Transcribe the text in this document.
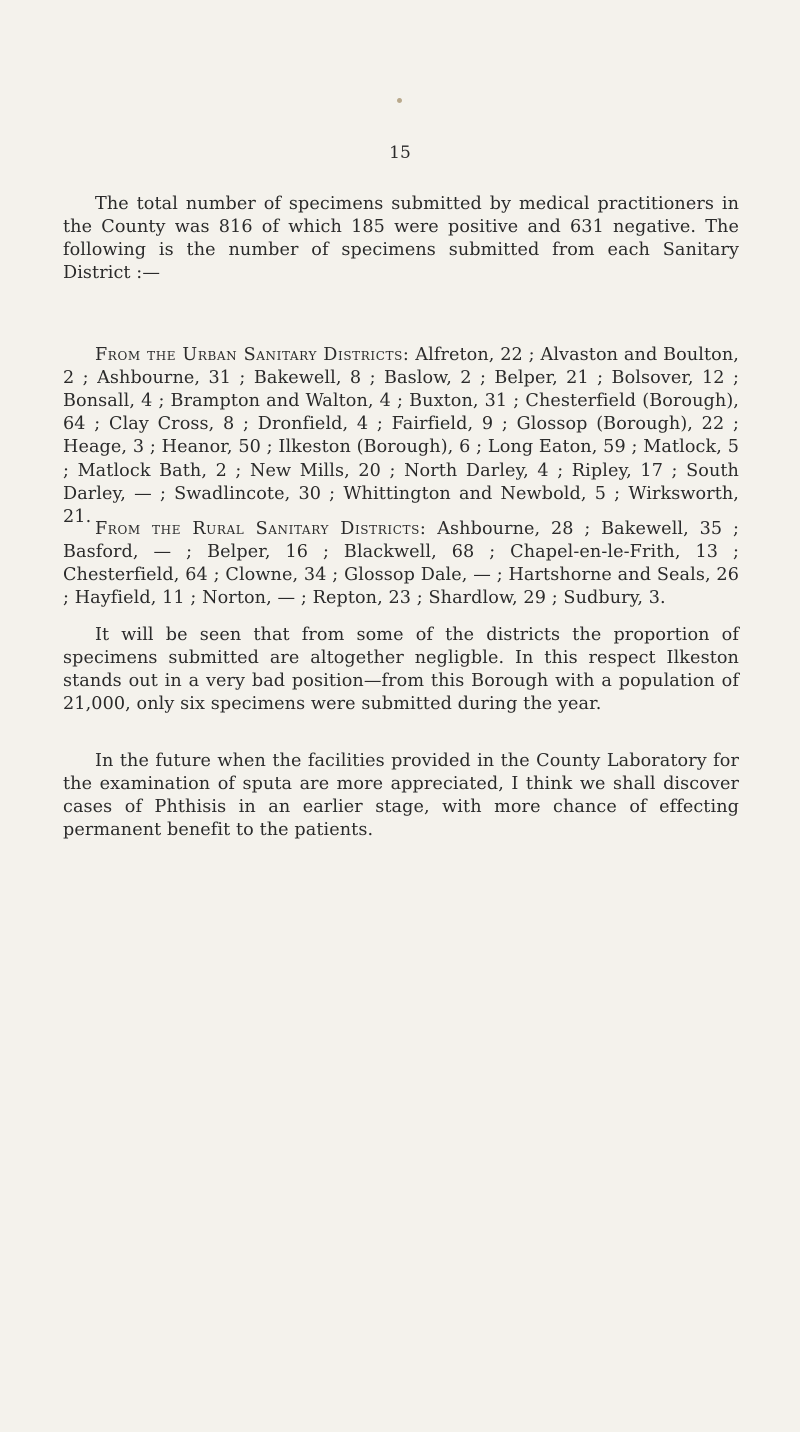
15

The total number of specimens submitted by medical practitioners in the County was 816 of which 185 were positive and 631 negative. The following is the number of specimens submitted from each Sanitary District :—

From the Urban Sanitary Districts: Alfreton, 22 ; Alvaston and Boulton, 2 ; Ashbourne, 31 ; Bakewell, 8 ; Baslow, 2 ; Belper, 21 ; Bolsover, 12 ; Bonsall, 4 ; Brampton and Walton, 4 ; Buxton, 31 ; Chesterfield (Borough), 64 ; Clay Cross, 8 ; Dronfield, 4 ; Fairfield, 9 ; Glossop (Borough), 22 ; Heage, 3 ; Heanor, 50 ; Ilkeston (Borough), 6 ; Long Eaton, 59 ; Matlock, 5 ; Matlock Bath, 2 ; New Mills, 20 ; North Darley, 4 ; Ripley, 17 ; South Darley, — ; Swadlincote, 30 ; Whittington and Newbold, 5 ; Wirksworth, 21.

From the Rural Sanitary Districts: Ashbourne, 28 ; Bakewell, 35 ; Basford, — ; Belper, 16 ; Blackwell, 68 ; Chapel-en-le-Frith, 13 ; Chesterfield, 64 ; Clowne, 34 ; Glossop Dale, — ; Hartshorne and Seals, 26 ; Hayfield, 11 ; Norton, — ; Repton, 23 ; Shardlow, 29 ; Sudbury, 3.

It will be seen that from some of the districts the proportion of specimens submitted are altogether negligble. In this respect Ilkeston stands out in a very bad position—from this Borough with a population of 21,000, only six specimens were submitted during the year.

In the future when the facilities provided in the County Laboratory for the examination of sputa are more appreciated, I think we shall discover cases of Phthisis in an earlier stage, with more chance of effecting permanent benefit to the patients.
